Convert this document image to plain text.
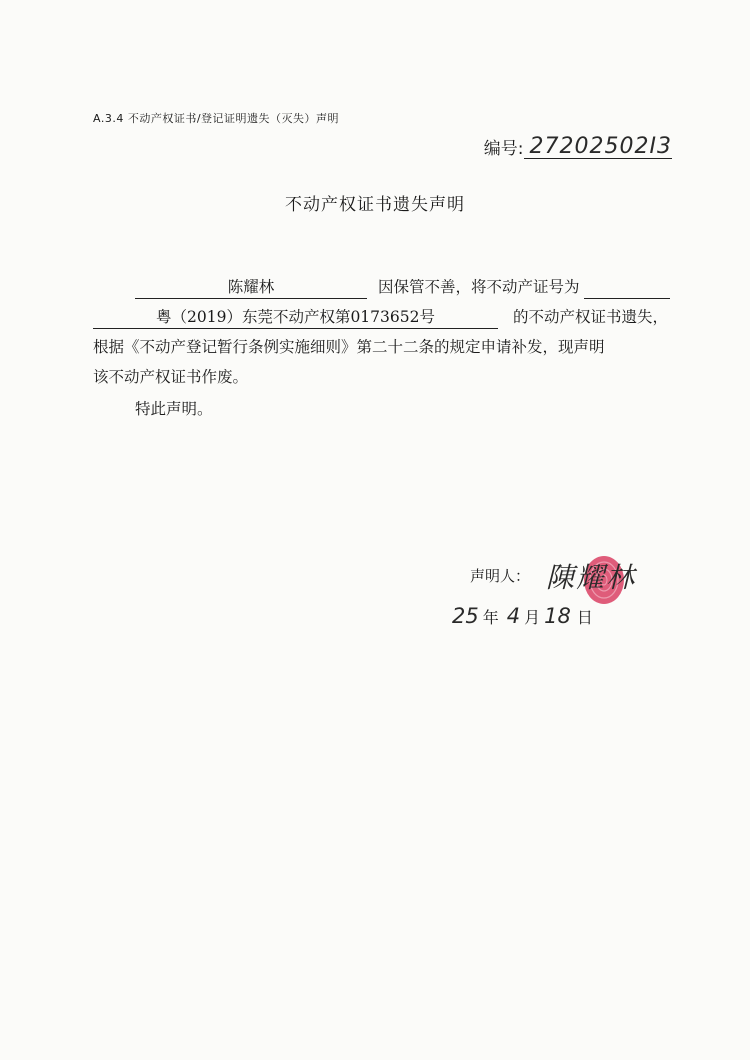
A.3.4 不动产权证书/登记证明遗失（灭失）声明
编号: 27202502I3
不动产权证书遗失声明
陈耀林	因保管不善，将不动产证号为
粤（2019）东莞不动产权第0173652号	的不动产权证书遗失，
根据《不动产登记暂行条例实施细则》第二十二条的规定申请补发，现声明
该不动产权证书作废。
特此声明。
声明人： 陳耀林
25 年 4 月 18 日
